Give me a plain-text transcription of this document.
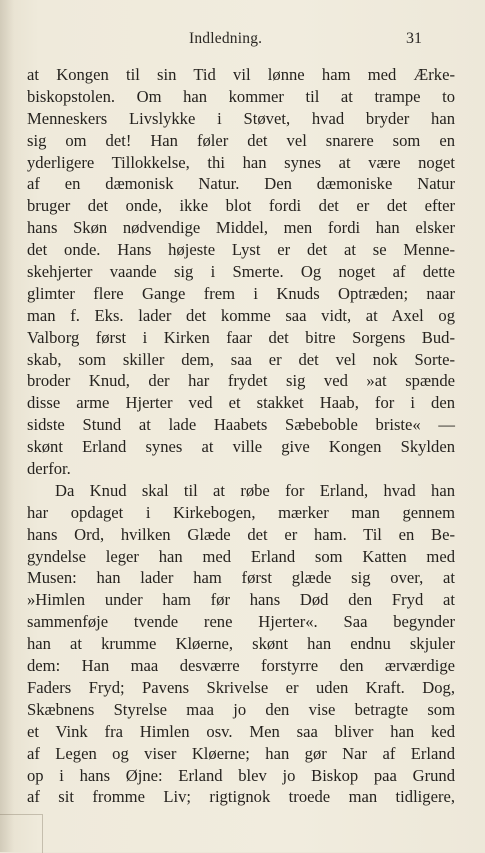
Indledning.	31
at Kongen til sin Tid vil lønne ham med Ærke-
biskopstolen. Om han kommer til at trampe to
Menneskers Livslykke i Støvet, hvad bryder han
sig om det! Han føler det vel snarere som en
yderligere Tillokkelse, thi han synes at være noget
af en dæmonisk Natur. Den dæmoniske Natur
bruger det onde, ikke blot fordi det er det efter
hans Skøn nødvendige Middel, men fordi han elsker
det onde. Hans højeste Lyst er det at se Menne-
skehjerter vaande sig i Smerte. Og noget af dette
glimter flere Gange frem i Knuds Optræden; naar
man f. Eks. lader det komme saa vidt, at Axel og
Valborg først i Kirken faar det bitre Sorgens Bud-
skab, som skiller dem, saa er det vel nok Sorte-
broder Knud, der har frydet sig ved »at spænde
disse arme Hjerter ved et stakket Haab, for i den
sidste Stund at lade Haabets Sæbeboble briste« —
skønt Erland synes at ville give Kongen Skylden
derfor.
Da Knud skal til at røbe for Erland, hvad han
har opdaget i Kirkebogen, mærker man gennem
hans Ord, hvilken Glæde det er ham. Til en Be-
gyndelse leger han med Erland som Katten med
Musen: han lader ham først glæde sig over, at
»Himlen under ham før hans Død den Fryd at
sammenføje tvende rene Hjerter«. Saa begynder
han at krumme Kløerne, skønt han endnu skjuler
dem: Han maa desværre forstyrre den ærværdige
Faders Fryd; Pavens Skrivelse er uden Kraft. Dog,
Skæbnens Styrelse maa jo den vise betragte som
et Vink fra Himlen osv. Men saa bliver han ked
af Legen og viser Kløerne; han gør Nar af Erland
op i hans Øjne: Erland blev jo Biskop paa Grund
af sit fromme Liv; rigtignok troede man tidligere,
